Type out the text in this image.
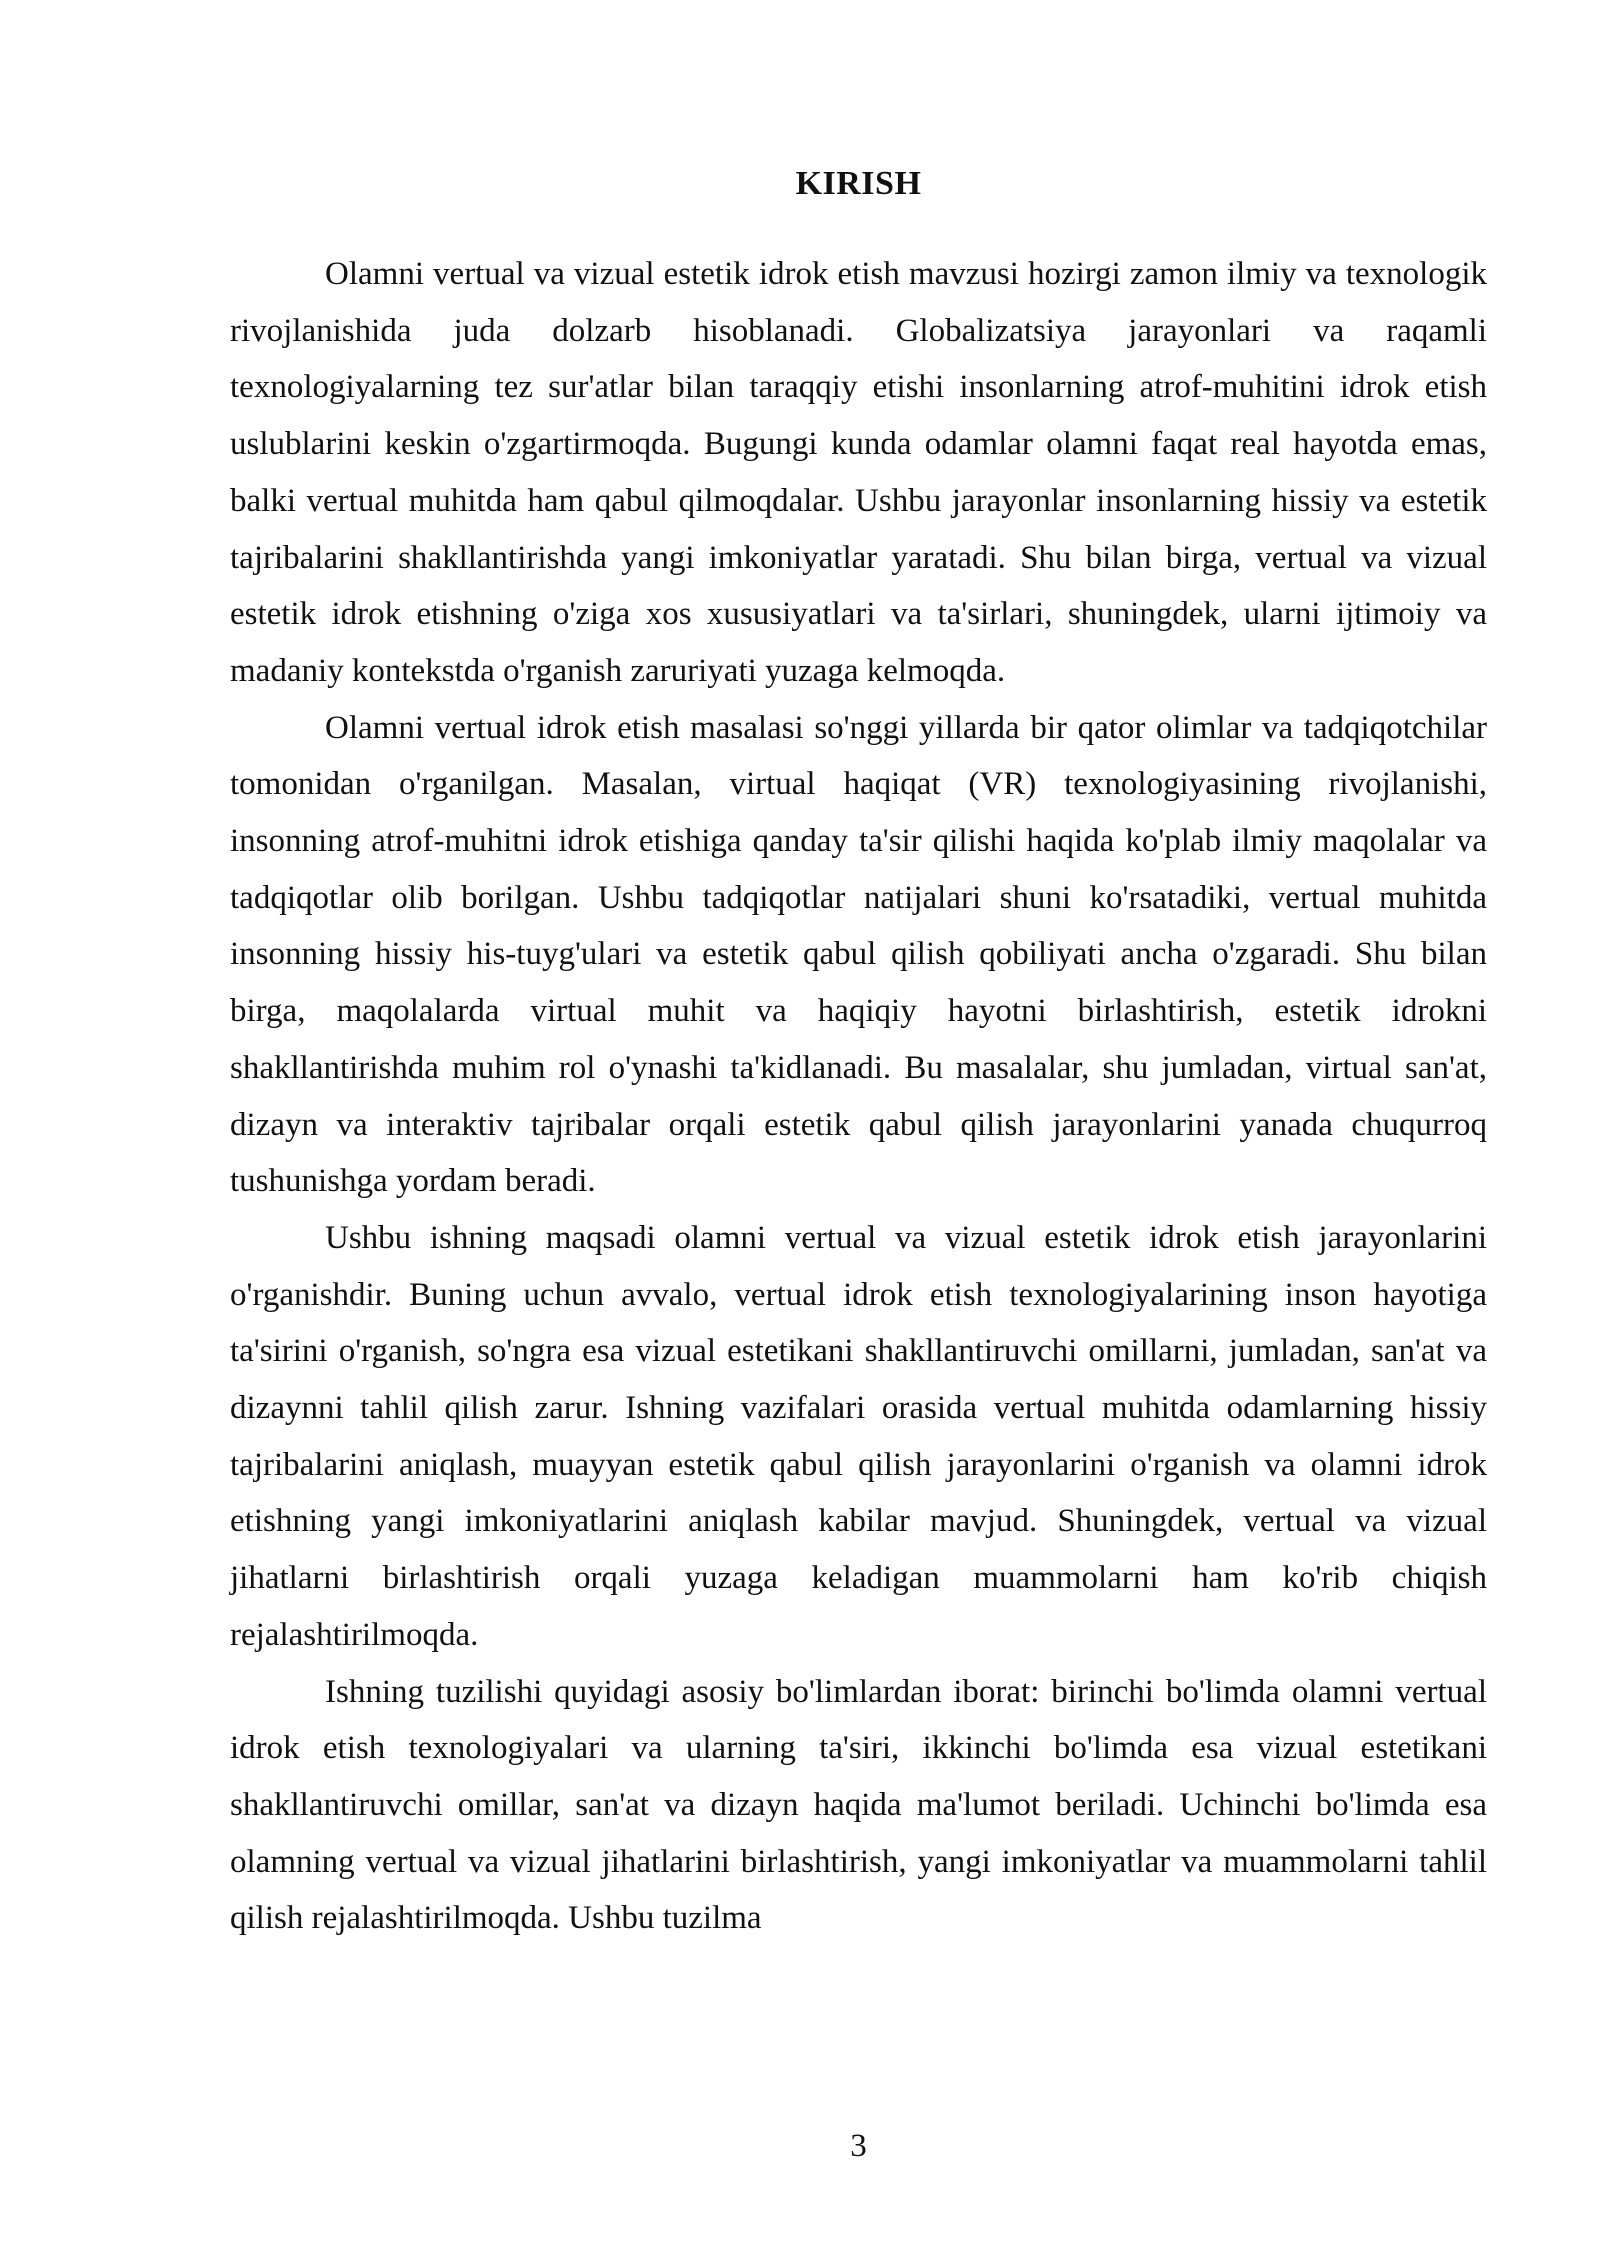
KIRISH

Olamni vertual va vizual estetik idrok etish mavzusi hozirgi zamon ilmiy va texnologik rivojlanishida juda dolzarb hisoblanadi. Globalizatsiya jarayonlari va raqamli texnologiyalarning tez sur'atlar bilan taraqqiy etishi insonlarning atrof-muhitini idrok etish uslublarini keskin o'zgartirmoqda. Bugungi kunda odamlar olamni faqat real hayotda emas, balki vertual muhitda ham qabul qilmoqdalar. Ushbu jarayonlar insonlarning hissiy va estetik tajribalarini shakllantirishda yangi imkoniyatlar yaratadi. Shu bilan birga, vertual va vizual estetik idrok etishning o'ziga xos xususiyatlari va ta'sirlari, shuningdek, ularni ijtimoiy va madaniy kontekstda o'rganish zaruriyati yuzaga kelmoqda.

Olamni vertual idrok etish masalasi so'nggi yillarda bir qator olimlar va tadqiqotchilar tomonidan o'rganilgan. Masalan, virtual haqiqat (VR) texnologiyasining rivojlanishi, insonning atrof-muhitni idrok etishiga qanday ta'sir qilishi haqida ko'plab ilmiy maqolalar va tadqiqotlar olib borilgan. Ushbu tadqiqotlar natijalari shuni ko'rsatadiki, vertual muhitda insonning hissiy his-tuyg'ulari va estetik qabul qilish qobiliyati ancha o'zgaradi. Shu bilan birga, maqolalarda virtual muhit va haqiqiy hayotni birlashtirish, estetik idrokni shakllantirishda muhim rol o'ynashi ta'kidlanadi. Bu masalalar, shu jumladan, virtual san'at, dizayn va interaktiv tajribalar orqali estetik qabul qilish jarayonlarini yanada chuqurroq tushunishga yordam beradi.

Ushbu ishning maqsadi olamni vertual va vizual estetik idrok etish jarayonlarini o'rganishdir. Buning uchun avvalo, vertual idrok etish texnologiyalarining inson hayotiga ta'sirini o'rganish, so'ngra esa vizual estetikani shakllantiruvchi omillarni, jumladan, san'at va dizaynni tahlil qilish zarur. Ishning vazifalari orasida vertual muhitda odamlarning hissiy tajribalarini aniqlash, muayyan estetik qabul qilish jarayonlarini o'rganish va olamni idrok etishning yangi imkoniyatlarini aniqlash kabilar mavjud. Shuningdek, vertual va vizual jihatlarni birlashtirish orqali yuzaga keladigan muammolarni ham ko'rib chiqish rejalashtirilmoqda.

Ishning tuzilishi quyidagi asosiy bo'limlardan iborat: birinchi bo'limda olamni vertual idrok etish texnologiyalari va ularning ta'siri, ikkinchi bo'limda esa vizual estetikani shakllantiruvchi omillar, san'at va dizayn haqida ma'lumot beriladi. Uchinchi bo'limda esa olamning vertual va vizual jihatlarini birlashtirish, yangi imkoniyatlar va muammolarni tahlil qilish rejalashtirilmoqda. Ushbu tuzilma

3
